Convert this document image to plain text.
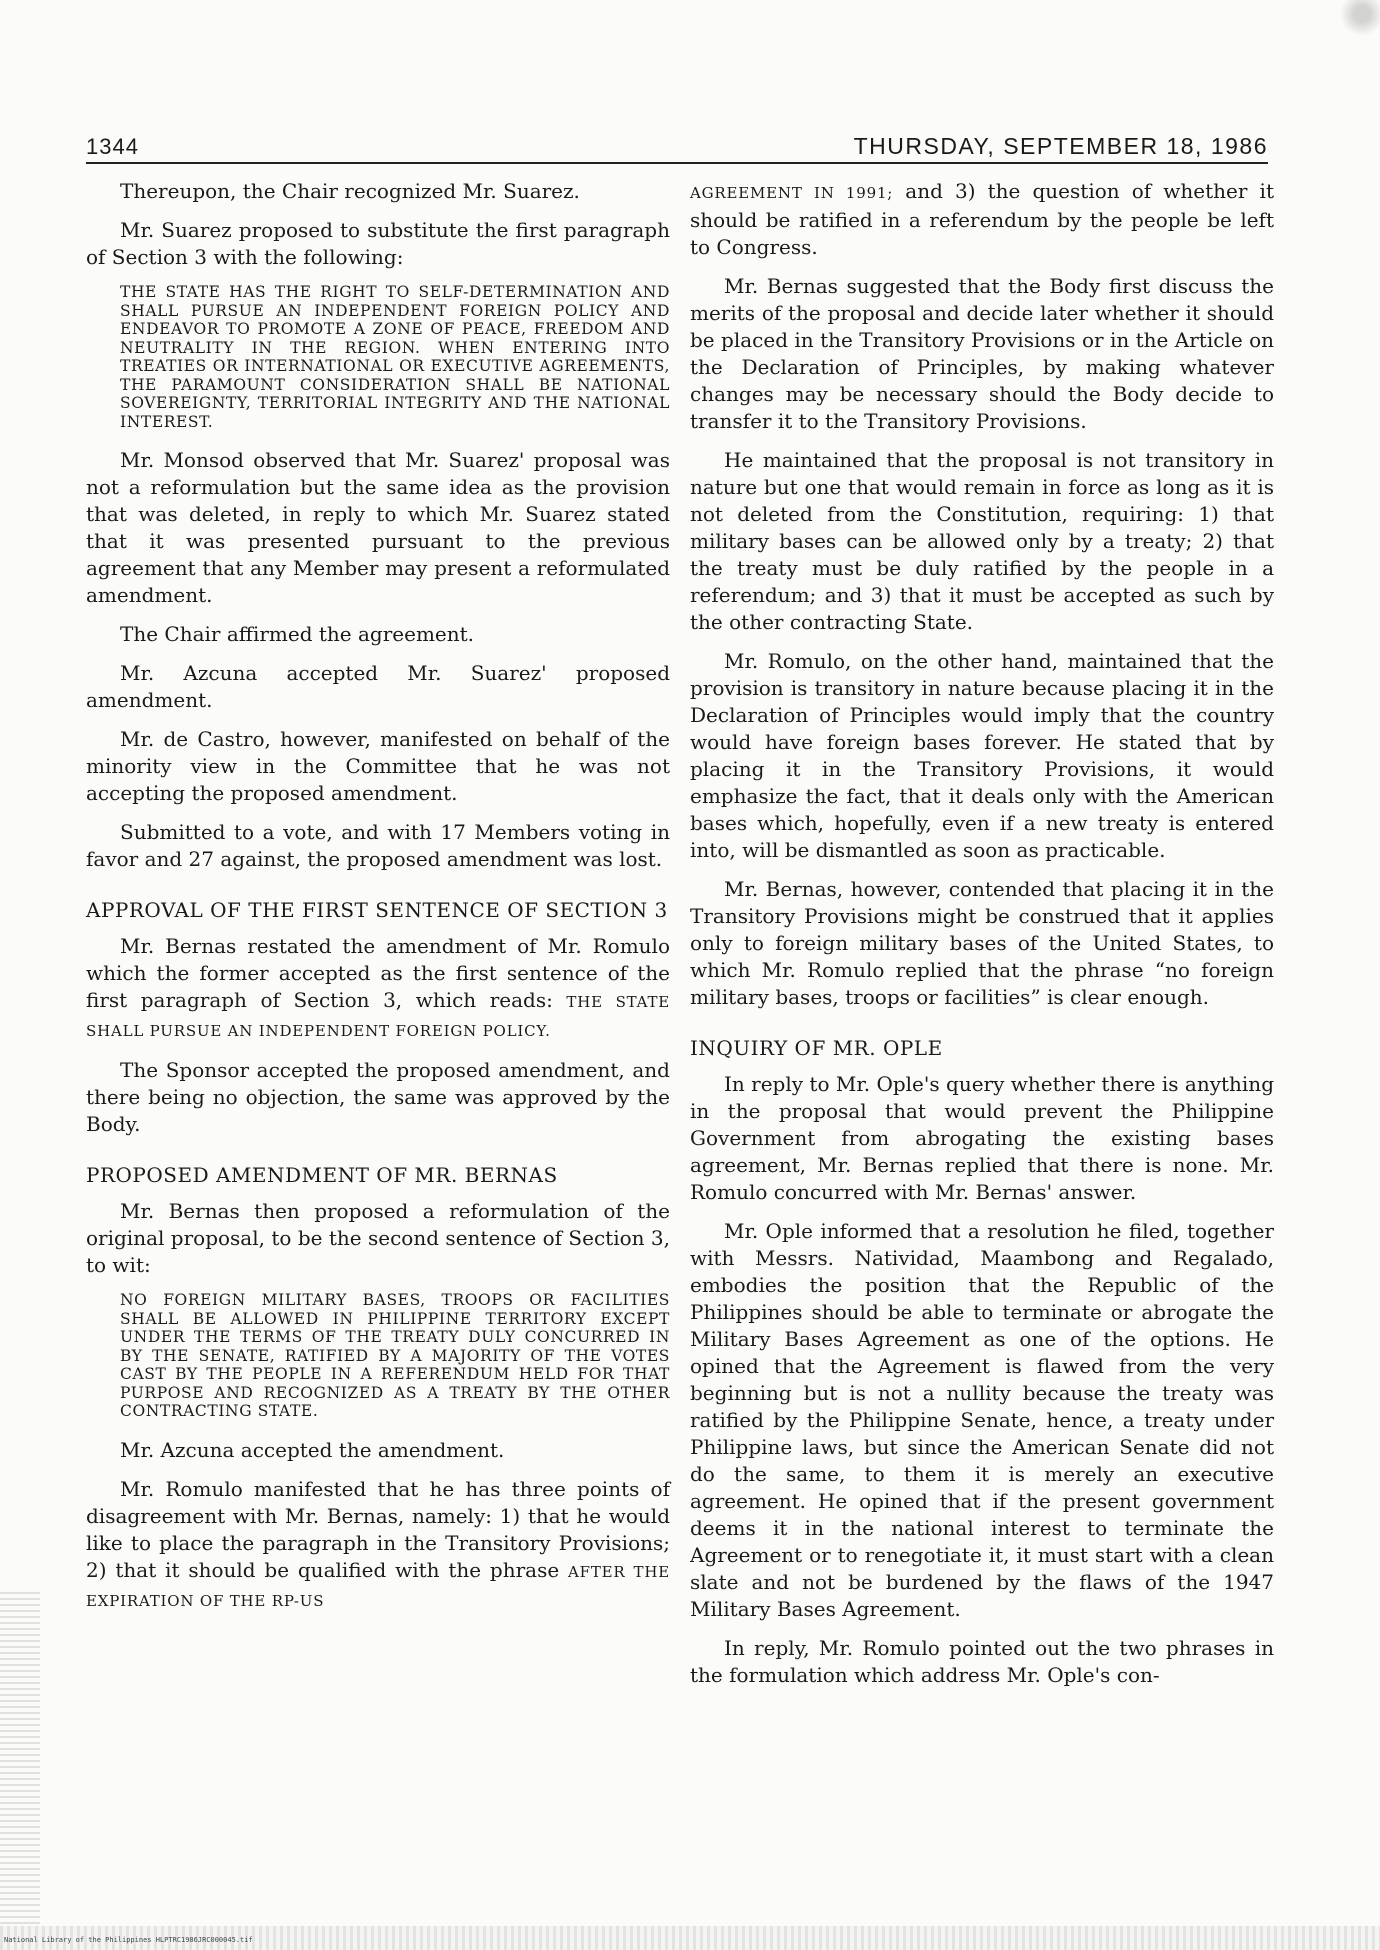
1344	THURSDAY, SEPTEMBER 18, 1986

Thereupon, the Chair recognized Mr. Suarez.

Mr. Suarez proposed to substitute the first paragraph of Section 3 with the following:

THE STATE HAS THE RIGHT TO SELF-DETERMINATION AND SHALL PURSUE AN INDEPENDENT FOREIGN POLICY AND ENDEAVOR TO PROMOTE A ZONE OF PEACE, FREEDOM AND NEUTRALITY IN THE REGION. WHEN ENTERING INTO TREATIES OR INTERNATIONAL OR EXECUTIVE AGREEMENTS, THE PARAMOUNT CONSIDERATION SHALL BE NATIONAL SOVEREIGNTY, TERRITORIAL INTEGRITY AND THE NATIONAL INTEREST.

Mr. Monsod observed that Mr. Suarez' proposal was not a reformulation but the same idea as the provision that was deleted, in reply to which Mr. Suarez stated that it was presented pursuant to the previous agreement that any Member may present a reformulated amendment.

The Chair affirmed the agreement.

Mr. Azcuna accepted Mr. Suarez' proposed amendment.

Mr. de Castro, however, manifested on behalf of the minority view in the Committee that he was not accepting the proposed amendment.

Submitted to a vote, and with 17 Members voting in favor and 27 against, the proposed amendment was lost.

APPROVAL OF THE FIRST SENTENCE OF SECTION 3

Mr. Bernas restated the amendment of Mr. Romulo which the former accepted as the first sentence of the first paragraph of Section 3, which reads: THE STATE SHALL PURSUE AN INDEPENDENT FOREIGN POLICY.

The Sponsor accepted the proposed amendment, and there being no objection, the same was approved by the Body.

PROPOSED AMENDMENT OF MR. BERNAS

Mr. Bernas then proposed a reformulation of the original proposal, to be the second sentence of Section 3, to wit:

NO FOREIGN MILITARY BASES, TROOPS OR FACILITIES SHALL BE ALLOWED IN PHILIPPINE TERRITORY EXCEPT UNDER THE TERMS OF THE TREATY DULY CONCURRED IN BY THE SENATE, RATIFIED BY A MAJORITY OF THE VOTES CAST BY THE PEOPLE IN A REFERENDUM HELD FOR THAT PURPOSE AND RECOGNIZED AS A TREATY BY THE OTHER CONTRACTING STATE.

Mr. Azcuna accepted the amendment.

Mr. Romulo manifested that he has three points of disagreement with Mr. Bernas, namely: 1) that he would like to place the paragraph in the Transitory Provisions; 2) that it should be qualified with the phrase AFTER THE EXPIRATION OF THE RP-US

AGREEMENT IN 1991; and 3) the question of whether it should be ratified in a referendum by the people be left to Congress.

Mr. Bernas suggested that the Body first discuss the merits of the proposal and decide later whether it should be placed in the Transitory Provisions or in the Article on the Declaration of Principles, by making whatever changes may be necessary should the Body decide to transfer it to the Transitory Provisions.

He maintained that the proposal is not transitory in nature but one that would remain in force as long as it is not deleted from the Constitution, requiring: 1) that military bases can be allowed only by a treaty; 2) that the treaty must be duly ratified by the people in a referendum; and 3) that it must be accepted as such by the other contracting State.

Mr. Romulo, on the other hand, maintained that the provision is transitory in nature because placing it in the Declaration of Principles would imply that the country would have foreign bases forever. He stated that by placing it in the Transitory Provisions, it would emphasize the fact, that it deals only with the American bases which, hopefully, even if a new treaty is entered into, will be dismantled as soon as practicable.

Mr. Bernas, however, contended that placing it in the Transitory Provisions might be construed that it applies only to foreign military bases of the United States, to which Mr. Romulo replied that the phrase “no foreign military bases, troops or facilities” is clear enough.

INQUIRY OF MR. OPLE

In reply to Mr. Ople's query whether there is anything in the proposal that would prevent the Philippine Government from abrogating the existing bases agreement, Mr. Bernas replied that there is none. Mr. Romulo concurred with Mr. Bernas' answer.

Mr. Ople informed that a resolution he filed, together with Messrs. Natividad, Maambong and Regalado, embodies the position that the Republic of the Philippines should be able to terminate or abrogate the Military Bases Agreement as one of the options. He opined that the Agreement is flawed from the very beginning but is not a nullity because the treaty was ratified by the Philippine Senate, hence, a treaty under Philippine laws, but since the American Senate did not do the same, to them it is merely an executive agreement. He opined that if the present government deems it in the national interest to terminate the Agreement or to renegotiate it, it must start with a clean slate and not be burdened by the flaws of the 1947 Military Bases Agreement.

In reply, Mr. Romulo pointed out the two phrases in the formulation which address Mr. Ople's con-

National Library of the Philippines HLPTRC1986JRC000045.tif
